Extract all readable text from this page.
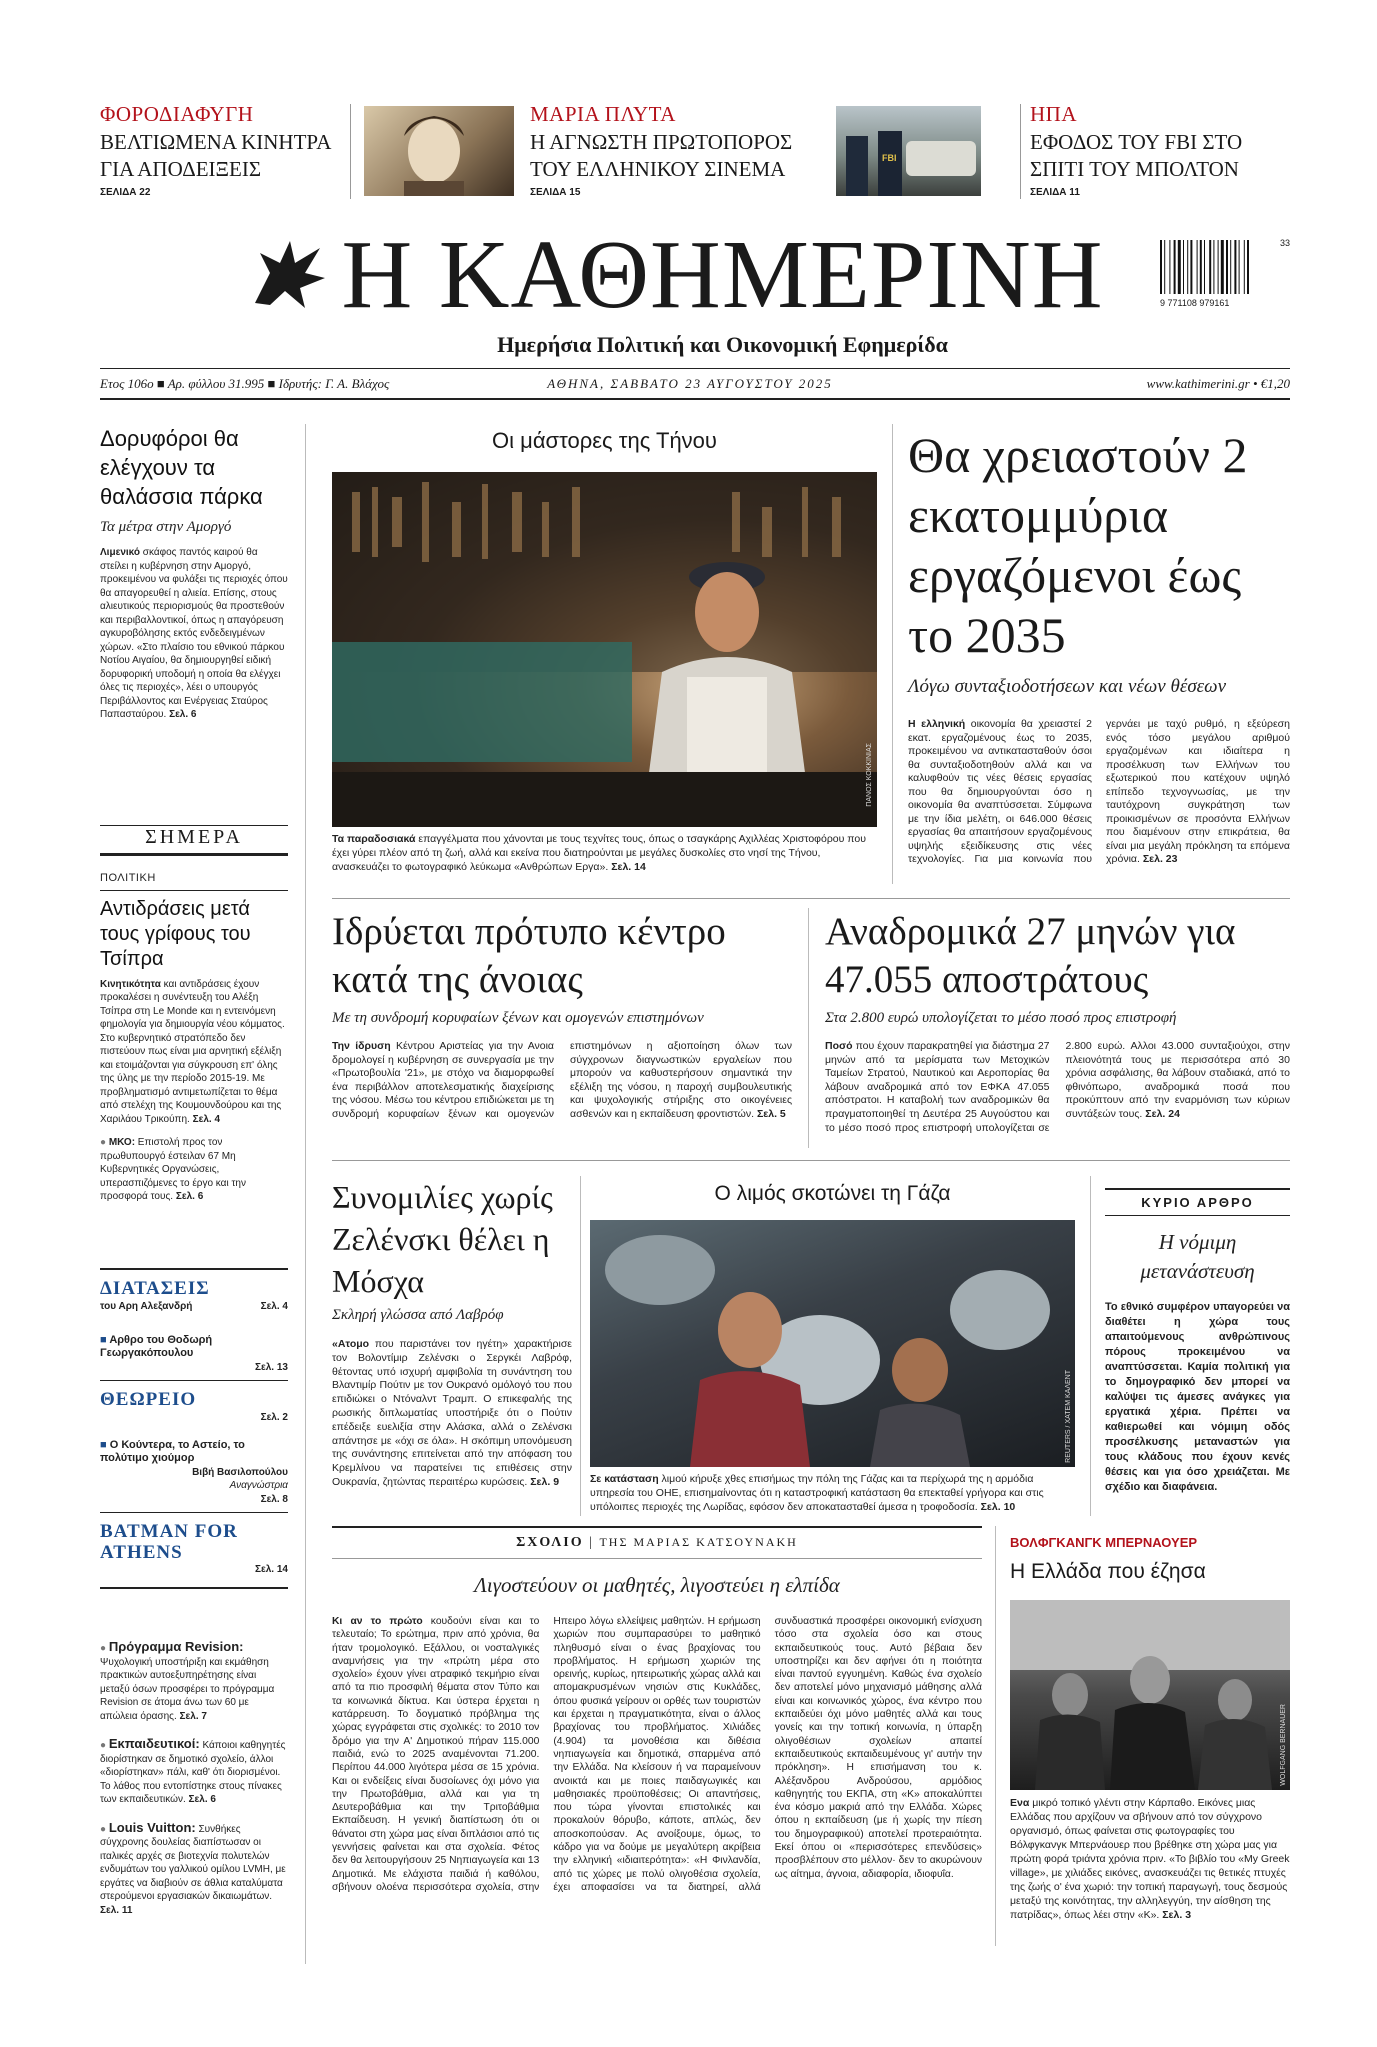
ΦΟΡΟΔΙΑΦΥΓΗ
ΒΕΛΤΙΩΜΕΝΑ ΚΙΝΗΤΡΑ ΓΙΑ ΑΠΟΔΕΙΞΕΙΣ
ΣΕΛΙΔΑ 22
ΜΑΡΙΑ ΠΛΥΤΑ
Η ΑΓΝΩΣΤΗ ΠΡΩΤΟΠΟΡΟΣ ΤΟΥ ΕΛΛΗΝΙΚΟΥ ΣΙΝΕΜΑ
ΣΕΛΙΔΑ 15
FBI
ΗΠΑ
ΕΦΟΔΟΣ ΤΟΥ FBI ΣΤΟ ΣΠΙΤΙ ΤΟΥ ΜΠΟΛΤΟΝ
ΣΕΛΙΔΑ 11
Η ΚΑΘΗΜΕΡΙΝΗ
Ημερήσια Πολιτική και Οικονομική Εφημερίδα
33
9 771108 979161
Ετος 106ο ■ Αρ. φύλλου 31.995 ■ Ιδρυτής: Γ. Α. Βλάχος	ΑΘΗΝΑ, ΣΑΒΒΑΤΟ 23 ΑΥΓΟΥΣΤΟΥ 2025	www.kathimerini.gr • €1,20
Δορυφόροι θα ελέγχουν τα θαλάσσια πάρκα
Τα μέτρα στην Αμοργό
Λιμενικό σκάφος παντός καιρού θα στείλει η κυβέρνηση στην Αμοργό, προκειμένου να φυλάξει τις περιοχές όπου θα απαγορευθεί η αλιεία. Επίσης, στους αλιευτικούς περιορισμούς θα προστεθούν και περιβαλλοντικοί, όπως η απαγόρευση αγκυροβόλησης εκτός ενδεδειγμένων χώρων. «Στο πλαίσιο του εθνικού πάρκου Νοτίου Αιγαίου, θα δημιουργηθεί ειδική δορυφορική υποδομή η οποία θα ελέγχει όλες τις περιοχές», λέει ο υπουργός Περιβάλλοντος και Ενέργειας Σταύρος Παπασταύρου. Σελ. 6
ΣΗΜΕΡΑ
ΠΟΛΙΤΙΚΗ
Αντιδράσεις μετά τους γρίφους του Τσίπρα
Κινητικότητα και αντιδράσεις έχουν προκαλέσει η συνέντευξη του Αλέξη Τσίπρα στη Le Monde και η εντεινόμενη φημολογία για δημιουργία νέου κόμματος. Στο κυβερνητικό στρατόπεδο δεν πιστεύουν πως είναι μια αρνητική εξέλιξη και ετοιμάζονται για σύγκρουση επ' όλης της ύλης με την περίοδο 2015-19. Με προβληματισμό αντιμετωπίζεται το θέμα από στελέχη της Κουμουνδούρου και της Χαριλάου Τρικούπη. Σελ. 4
● ΜΚΟ: Επιστολή προς τον πρωθυπουργό έστειλαν 67 Μη Κυβερνητικές Οργανώσεις, υπερασπιζόμενες το έργο και την προσφορά τους. Σελ. 6
ΔΙΑΤΑΣΕΙΣ
του Αρη Αλεξανδρή	Σελ. 4
■ Αρθρο του Θοδωρή Γεωργακόπουλου
Σελ. 13
ΘΕΩΡΕΙΟ
Σελ. 2
■ Ο Κούντερα, το Αστείο, το πολύτιμο χιούμορ
Βιβή Βασιλοπούλου
Αναγνώστρια
Σελ. 8
BATMAN FOR ATHENS
Σελ. 14
● Πρόγραμμα Revision: Ψυχολογική υποστήριξη και εκμάθηση πρακτικών αυτοεξυπηρέτησης είναι μεταξύ όσων προσφέρει το πρόγραμμα Revision σε άτομα άνω των 60 με απώλεια όρασης. Σελ. 7
● Εκπαιδευτικοί: Κάποιοι καθηγητές διορίστηκαν σε δημοτικό σχολείο, άλλοι «διορίστηκαν» πάλι, καθ' ότι διορισμένοι. Το λάθος που εντοπίστηκε στους πίνακες των εκπαιδευτικών. Σελ. 6
● Louis Vuitton: Συνθήκες σύγχρονης δουλείας διαπίστωσαν οι ιταλικές αρχές σε βιοτεχνία πολυτελών ενδυμάτων του γαλλικού ομίλου LVMH, με εργάτες να διαβιούν σε άθλια καταλύματα στερούμενοι εργασιακών δικαιωμάτων. Σελ. 11
Οι μάστορες της Τήνου
ΠΑΝΟΣ ΚΟΚΚΙΝΙΑΣ
Τα παραδοσιακά επαγγέλματα που χάνονται με τους τεχνίτες τους, όπως ο τσαγκάρης Αχιλλέας Χριστοφόρου που έχει γύρει πλέον από τη ζωή, αλλά και εκείνα που διατηρούνται με μεγάλες δυσκολίες στο νησί της Τήνου, ανασκευάζει το φωτογραφικό λεύκωμα «Ανθρώπων Εργα». Σελ. 14
Θα χρειαστούν 2 εκατομμύρια εργαζόμενοι έως το 2035
Λόγω συνταξιοδοτήσεων και νέων θέσεων
Η ελληνική οικονομία θα χρειαστεί 2 εκατ. εργαζομένους έως το 2035, προκειμένου να αντικατασταθούν όσοι θα συνταξιοδοτηθούν αλλά και να καλυφθούν τις νέες θέσεις εργασίας που θα δημιουργούνται όσο η οικονομία θα αναπτύσσεται. Σύμφωνα με την ίδια μελέτη, οι 646.000 θέσεις εργασίας θα απαιτήσουν εργαζομένους υψηλής εξειδίκευσης στις νέες τεχνολογίες. Για μια κοινωνία που γερνάει με ταχύ ρυθμό, η εξεύρεση ενός τόσο μεγάλου αριθμού εργαζομένων και ιδιαίτερα η προσέλκυση των Ελλήνων του εξωτερικού που κατέχουν υψηλό επίπεδο τεχνογνωσίας, με την ταυτόχρονη συγκράτηση των προικισμένων σε προσόντα Ελλήνων που διαμένουν στην επικράτεια, θα είναι μια μεγάλη πρόκληση τα επόμενα χρόνια. Σελ. 23
Ιδρύεται πρότυπο κέντρο κατά της άνοιας
Με τη συνδρομή κορυφαίων ξένων και ομογενών επιστημόνων
Την ίδρυση Κέντρου Αριστείας για την Ανοια δρομολογεί η κυβέρνηση σε συνεργασία με την «Πρωτοβουλία '21», με στόχο να διαμορφωθεί ένα περιβάλλον αποτελεσματικής διαχείρισης της νόσου. Μέσω του κέντρου επιδιώκεται με τη συνδρομή κορυφαίων ξένων και ομογενών επιστημόνων η αξιοποίηση όλων των σύγχρονων διαγνωστικών εργαλείων που μπορούν να καθυστερήσουν σημαντικά την εξέλιξη της νόσου, η παροχή συμβουλευτικής και ψυχολογικής στήριξης στο οικογένειες ασθενών και η εκπαίδευση φροντιστών. Σελ. 5
Αναδρομικά 27 μηνών για 47.055 αποστράτους
Στα 2.800 ευρώ υπολογίζεται το μέσο ποσό προς επιστροφή
Ποσό που έχουν παρακρατηθεί για διάστημα 27 μηνών από τα μερίσματα των Μετοχικών Ταμείων Στρατού, Ναυτικού και Αεροπορίας θα λάβουν αναδρομικά από τον ΕΦΚΑ 47.055 απόστρατοι. Η καταβολή των αναδρομικών θα πραγματοποιηθεί τη Δευτέρα 25 Αυγούστου και το μέσο ποσό προς επιστροφή υπολογίζεται σε 2.800 ευρώ. Αλλοι 43.000 συνταξιούχοι, στην πλειονότητά τους με περισσότερα από 30 χρόνια ασφάλισης, θα λάβουν σταδιακά, από το φθινόπωρο, αναδρομικά ποσά που προκύπτουν από την εναρμόνιση των κύριων συντάξεών τους. Σελ. 24
Συνομιλίες χωρίς Ζελένσκι θέλει η Μόσχα
Σκληρή γλώσσα από Λαβρόφ
«Ατομο που παριστάνει τον ηγέτη» χαρακτήρισε τον Βολοντίμιρ Ζελένσκι ο Σεργκέι Λαβρόφ, θέτοντας υπό ισχυρή αμφιβολία τη συνάντηση του Βλαντιμίρ Πούτιν με τον Ουκρανό ομόλογό του που επιδιώκει ο Ντόναλντ Τραμπ. Ο επικεφαλής της ρωσικής διπλωματίας υποστήριξε ότι ο Πούτιν επέδειξε ευελιξία στην Αλάσκα, αλλά ο Ζελένσκι απάντησε με «όχι σε όλα». Η σκόπιμη υπονόμευση της συνάντησης επιτείνεται από την απόφαση του Κρεμλίνου να παρατείνει τις επιθέσεις στην Ουκρανία, ζητώντας περαιτέρω κυρώσεις. Σελ. 9
Ο λιμός σκοτώνει τη Γάζα
REUTERS / ΧΑΤΕΜ ΚΑΛΕΝΤ
Σε κατάσταση λιμού κήρυξε χθες επισήμως την πόλη της Γάζας και τα περίχωρά της η αρμόδια υπηρεσία του ΟΗΕ, επισημαίνοντας ότι η καταστροφική κατάσταση θα επεκταθεί γρήγορα και στις υπόλοιπες περιοχές της Λωρίδας, εφόσον δεν αποκατασταθεί άμεσα η τροφοδοσία. Σελ. 10
ΚΥΡΙΟ ΑΡΘΡΟ
Η νόμιμη μετανάστευση
Το εθνικό συμφέρον υπαγορεύει να διαθέτει η χώρα τους απαιτούμενους ανθρώπινους πόρους προκειμένου να αναπτύσσεται. Καμία πολιτική για το δημογραφικό δεν μπορεί να καλύψει τις άμεσες ανάγκες για εργατικά χέρια. Πρέπει να καθιερωθεί και νόμιμη οδός προσέλκυσης μεταναστών για τους κλάδους που έχουν κενές θέσεις και για όσο χρειάζεται. Με σχέδιο και διαφάνεια.
ΣΧΟΛΙΟ | ΤΗΣ ΜΑΡΙΑΣ ΚΑΤΣΟΥΝΑΚΗ
Λιγοστεύουν οι μαθητές, λιγοστεύει η ελπίδα
Κι αν το πρώτο κουδούνι είναι και το τελευταίο; Το ερώτημα, πριν από χρόνια, θα ήταν τρομολογικό. Εξάλλου, οι νοσταλγικές αναμνήσεις για την «πρώτη μέρα στο σχολείο» έχουν γίνει ατραφικό τεκμήριο είναι από τα πιο προσφιλή θέματα στον Τύπο και τα κοινωνικά δίκτυα. Και ύστερα έρχεται η κατάρρευση. Το δογματικό πρόβλημα της χώρας εγγράφεται στις σχολικές: το 2010 τον δρόμο για την Α' Δημοτικού πήραν 115.000 παιδιά, ενώ το 2025 αναμένονται 71.200. Περίπου 44.000 λιγότερα μέσα σε 15 χρόνια. Και οι ενδείξεις είναι δυσοίωνες όχι μόνο για την Πρωτοβάθμια, αλλά και για τη Δευτεροβάθμια και την Τριτοβάθμια Εκπαίδευση. Η γενική διαπίστωση ότι οι θάνατοι στη χώρα μας είναι διπλάσιοι από τις γεννήσεις φαίνεται και στα σχολεία. Φέτος δεν θα λειτουργήσουν 25 Νηπιαγωγεία και 13 Δημοτικά. Με ελάχιστα παιδιά ή καθόλου, σβήνουν ολοένα περισσότερα σχολεία, στην Ηπειρο λόγω ελλείψεις μαθητών. Η ερήμωση χωριών που συμπαρασύρει το μαθητικό πληθυσμό είναι ο ένας βραχίονας του προβλήματος. Η ερήμωση χωριών της ορεινής, κυρίως, ηπειρωτικής χώρας αλλά και απομακρυσμένων νησιών στις Κυκλάδες, όπου φυσικά γείρουν οι ορθές των τουριστών και έρχεται η πραγματικότητα, είναι ο άλλος βραχίονας του προβλήματος. Χιλιάδες (4.904) τα μονοθέσια και διθέσια νηπιαγωγεία και δημοτικά, σπαρμένα από την Ελλάδα. Να κλείσουν ή να παραμείνουν ανοικτά και με ποιες παιδαγωγικές και μαθησιακές προϋποθέσεις; Οι απαντήσεις, που τώρα γίνονται επιστολικές και προκαλούν θόρυβο, κάποτε, απλώς, δεν αποσκοπούσαν. Ας ανοίξουμε, όμως, το κάδρο για να δούμε με μεγαλύτερη ακρίβεια την ελληνική «ιδιαιτερότητα»: «Η Φινλανδία, από τις χώρες με πολύ ολιγοθέσια σχολεία, έχει αποφασίσει να τα διατηρεί, αλλά συνδυαστικά προσφέρει οικονομική ενίσχυση τόσο στα σχολεία όσο και στους εκπαιδευτικούς τους. Αυτό βέβαια δεν υποστηρίζει και δεν αφήνει ότι η ποιότητα είναι παντού εγγυημένη. Καθώς ένα σχολείο δεν αποτελεί μόνο μηχανισμό μάθησης αλλά είναι και κοινωνικός χώρος, ένα κέντρο που εκπαιδεύει όχι μόνο μαθητές αλλά και τους γονείς και την τοπική κοινωνία, η ύπαρξη ολιγοθέσιων σχολείων απαιτεί εκπαιδευτικούς εκπαιδευμένους γι' αυτήν την πρόκληση». Η επισήμανση του κ. Αλέξανδρου Ανδρούσου, αρμόδιος καθηγητής του ΕΚΠΑ, στη «Κ» αποκαλύπτει ένα κόσμο μακριά από την Ελλάδα. Χώρες όπου η εκπαίδευση (με ή χωρίς την πίεση του δημογραφικού) αποτελεί προτεραιότητα. Εκεί όπου οι «περισσότερες επενδύσεις» προσβλέπουν στο μέλλον· δεν το ακυρώνουν ως αίτημα, άγνοια, αδιαφορία, ιδιοφυΐα.
ΒΟΛΦΓΚΑΝΓΚ ΜΠΕΡΝΑΟΥΕΡ
Η Ελλάδα που έζησα
WOLFGANG BERNAUER
Ενα μικρό τοπικό γλέντι στην Κάρπαθο. Εικόνες μιας Ελλάδας που αρχίζουν να σβήνουν από τον σύγχρονο οργανισμό, όπως φαίνεται στις φωτογραφίες του Βόλφγκανγκ Μπερνάουερ που βρέθηκε στη χώρα μας για πρώτη φορά τριάντα χρόνια πριν. «Το βιβλίο του «My Greek village», με χιλιάδες εικόνες, ανασκευάζει τις θετικές πτυχές της ζωής ο' ένα χωριό: την τοπική παραγωγή, τους δεσμούς μεταξύ της κοινότητας, την αλληλεγγύη, την αίσθηση της πατρίδας», όπως λέει στην «Κ». Σελ. 3
